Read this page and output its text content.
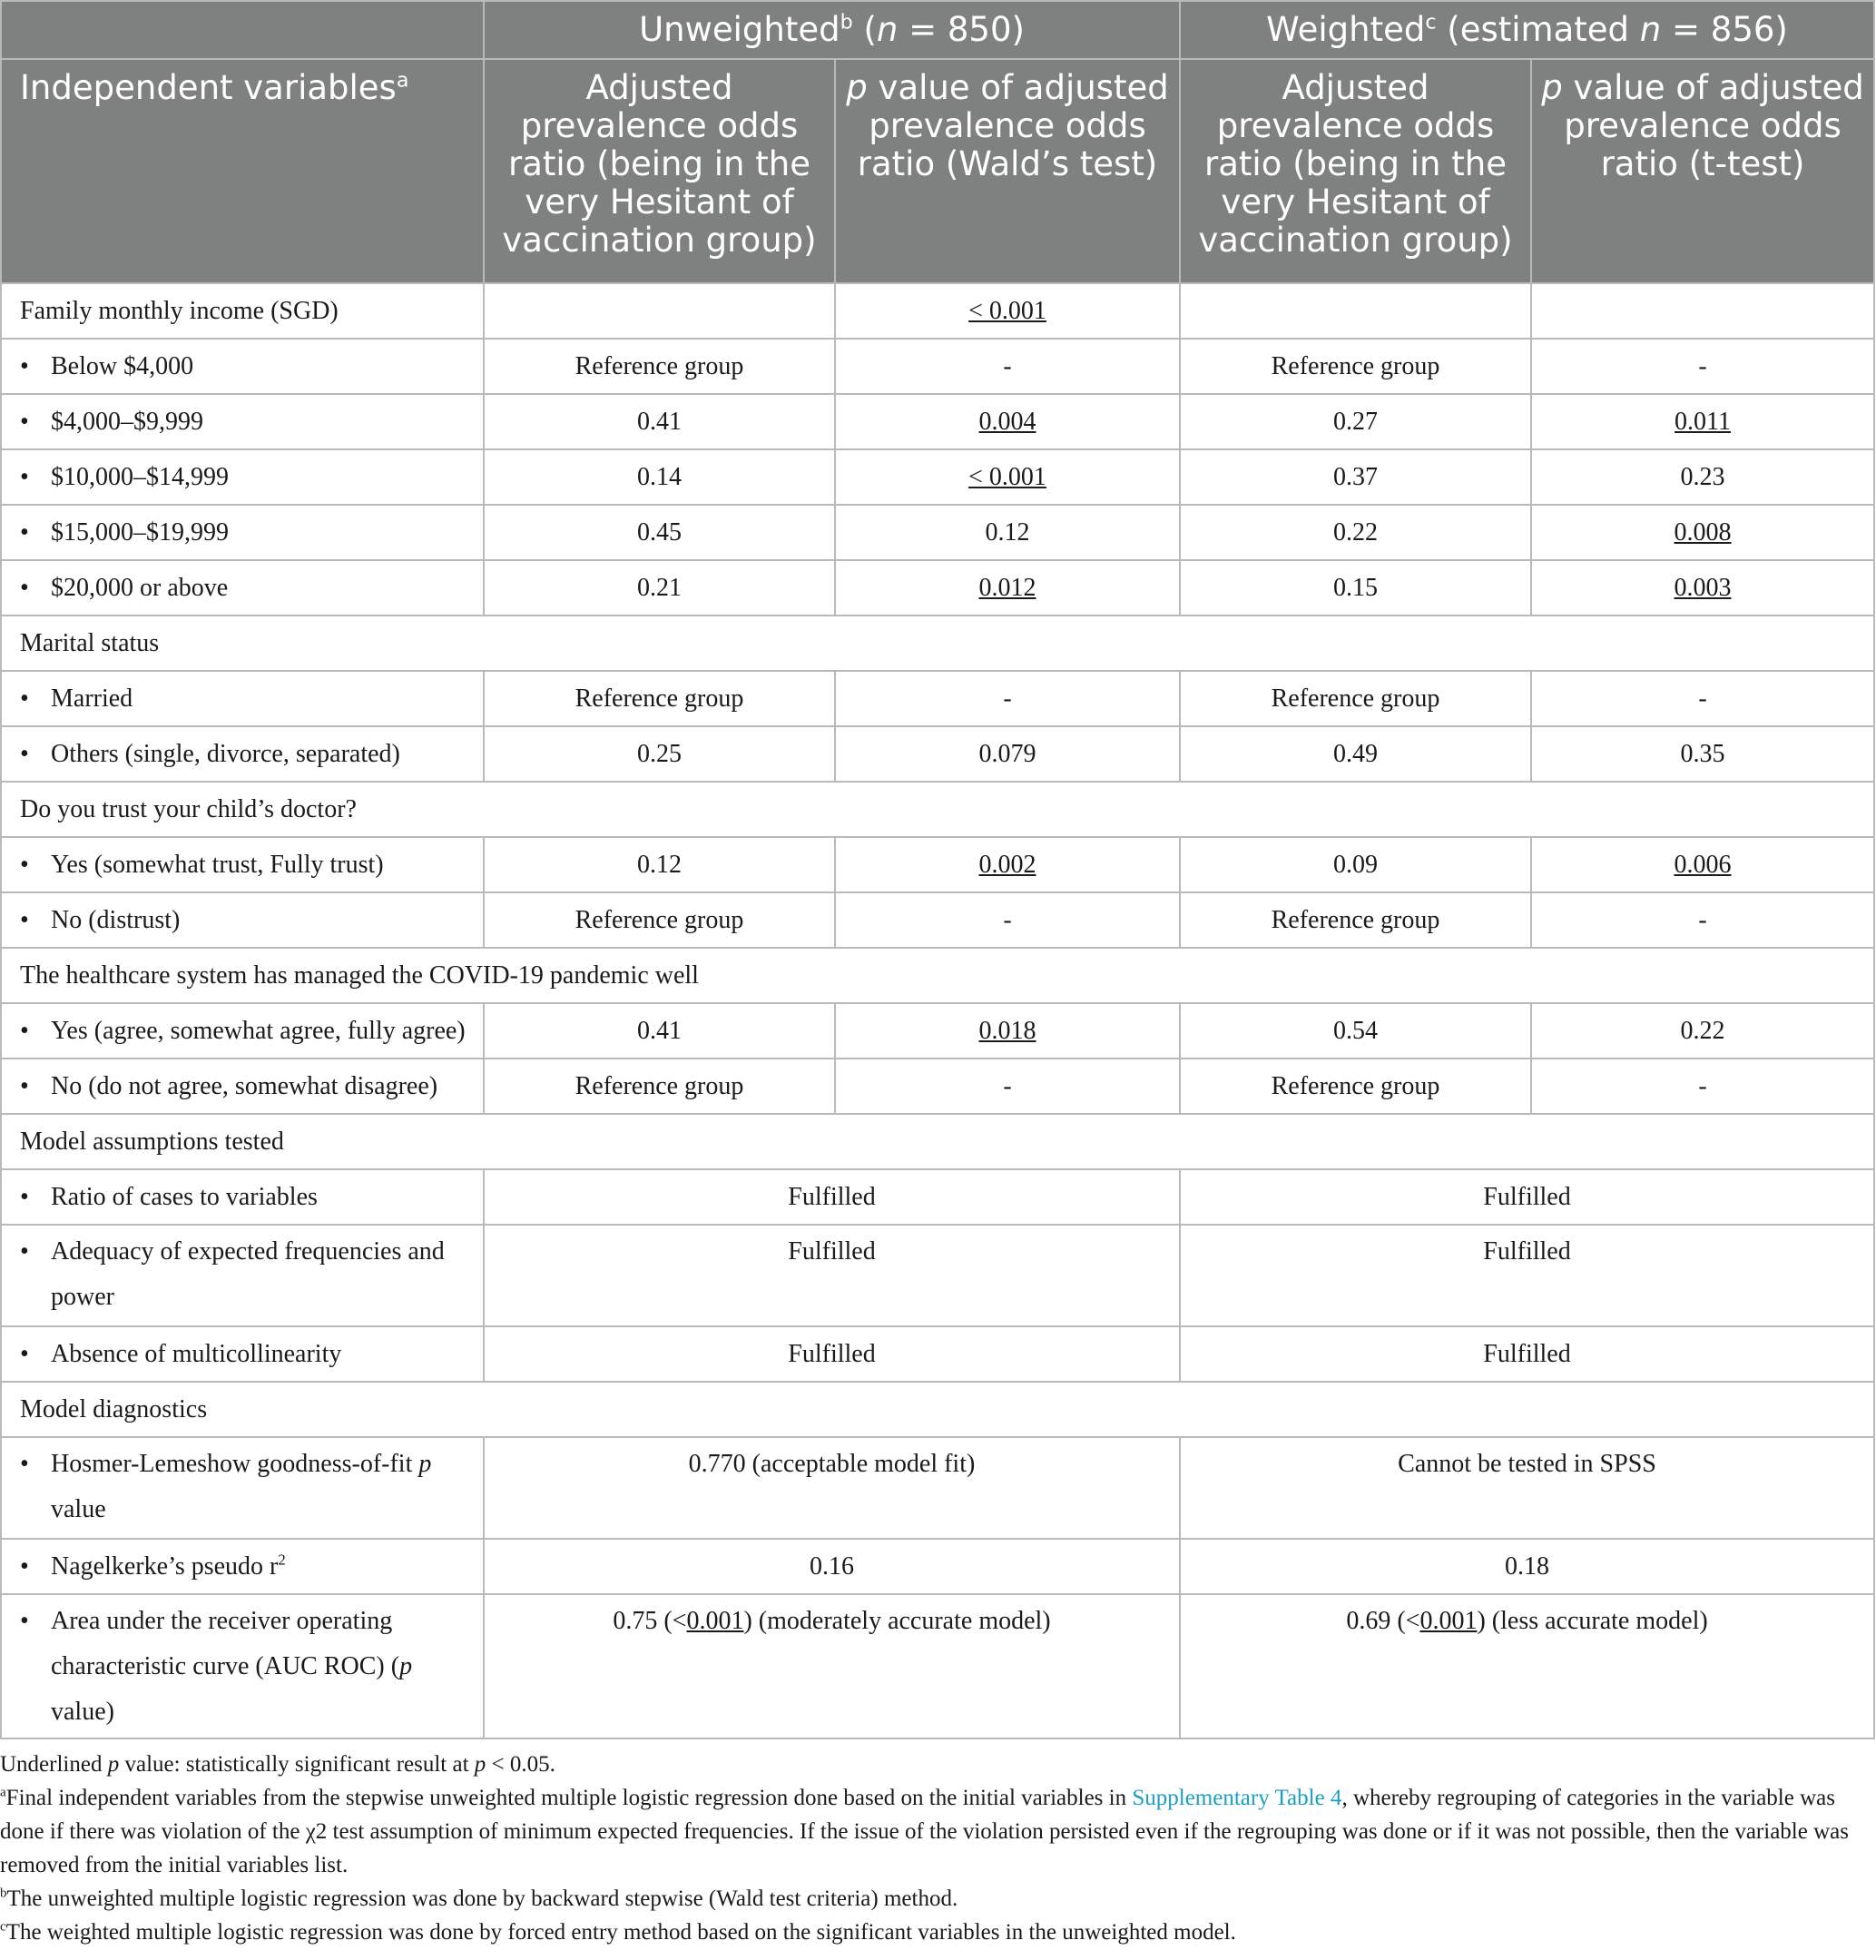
	Unweighted$^b$ (n = 850)		Weighted$^c$ (estimated n = 856)	
Independent variables$^a$	Adjusted prevalence odds ratio (being in the very Hesitant of vaccination group)	p value of adjusted prevalence odds ratio (Wald’s test)	Adjusted prevalence odds ratio (being in the very Hesitant of vaccination group)	p value of adjusted prevalence odds ratio (t-test)
Family monthly income (SGD)		< 0.001		
• Below $4,000	Reference group	-	Reference group	-
• $4,000–$9,999	0.41	0.004	0.27	0.011
• $10,000–$14,999	0.14	< 0.001	0.37	0.23
• $15,000–$19,999	0.45	0.12	0.22	0.008
• $20,000 or above	0.21	0.012	0.15	0.003
Marital status				
• Married	Reference group	-	Reference group	-
• Others (single, divorce, separated)	0.25	0.079	0.49	0.35
Do you trust your child’s doctor?				
• Yes (somewhat trust, Fully trust)	0.12	0.002	0.09	0.006
• No (distrust)	Reference group	-	Reference group	-
The healthcare system has managed the COVID-19 pandemic well				
• Yes (agree, somewhat agree, fully agree)	0.41	0.018	0.54	0.22
• No (do not agree, somewhat disagree)	Reference group	-	Reference group	-
Model assumptions tested				
• Ratio of cases to variables	Fulfilled		Fulfilled	
• Adequacy of expected frequencies and power	Fulfilled		Fulfilled	
• Absence of multicollinearity	Fulfilled		Fulfilled	
Model diagnostics				
• Hosmer-Lemeshow goodness-of-fit p value	0.770 (acceptable model fit)		Cannot be tested in SPSS	
• Nagelkerke’s pseudo $r^2$	0.16		0.18	
• Area under the receiver operating characteristic curve (AUC ROC) (p value)	0.75 (<0.001) (moderately accurate model)		0.69 (<0.001) (less accurate model)	

Underlined p value: statistically significant result at p < 0.05.

$^a$Final independent variables from the stepwise unweighted multiple logistic regression done based on the initial variables in Supplementary Table 4, whereby regrouping of categories in the variable was done if there was violation of the χ2 test assumption of minimum expected frequencies. If the issue of the violation persisted even if the regrouping was done or if it was not possible, then the variable was removed from the initial variables list.

$^b$The unweighted multiple logistic regression was done by backward stepwise (Wald test criteria) method.

$^c$The weighted multiple logistic regression was done by forced entry method based on the significant variables in the unweighted model.
